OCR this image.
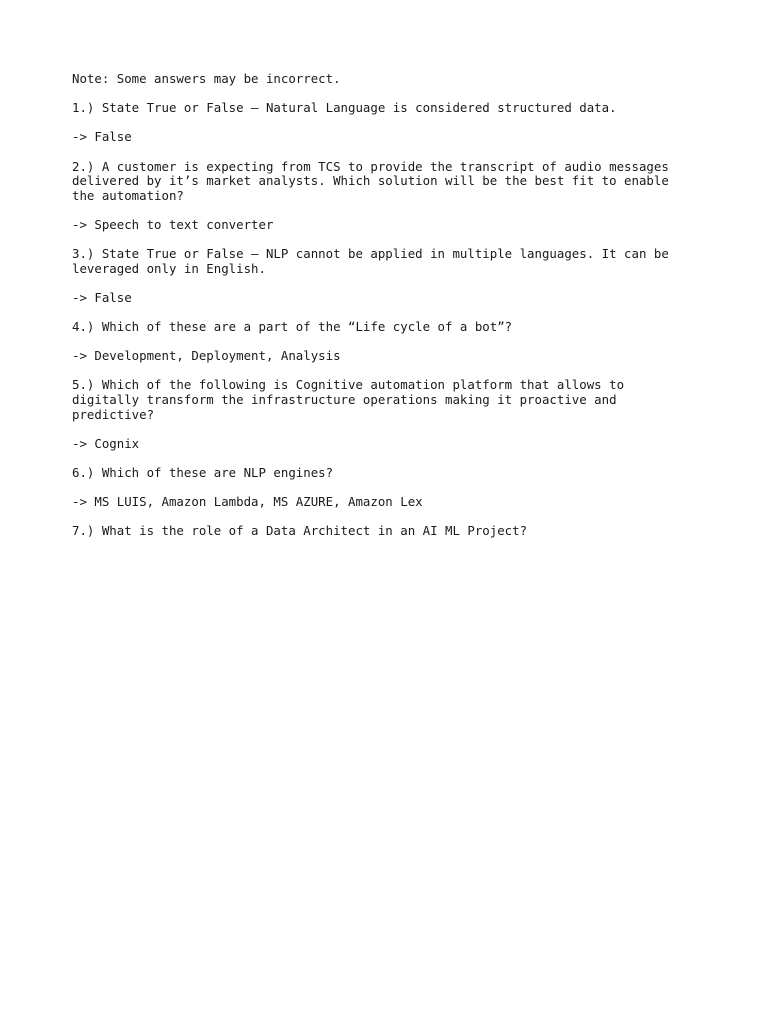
Note: Some answers may be incorrect.

1.) State True or False – Natural Language is considered structured data.

-> False

2.) A customer is expecting from TCS to provide the transcript of audio messages delivered by it’s market analysts. Which solution will be the best fit to enable the automation?

-> Speech to text converter

3.) State True or False – NLP cannot be applied in multiple languages. It can be leveraged only in English.

-> False

4.) Which of these are a part of the “Life cycle of a bot”?

-> Development, Deployment, Analysis

5.) Which of the following is Cognitive automation platform that allows to digitally transform the infrastructure operations making it proactive and predictive?

-> Cognix

6.) Which of these are NLP engines?

-> MS LUIS, Amazon Lambda, MS AZURE, Amazon Lex

7.) What is the role of a Data Architect in an AI ML Project?
